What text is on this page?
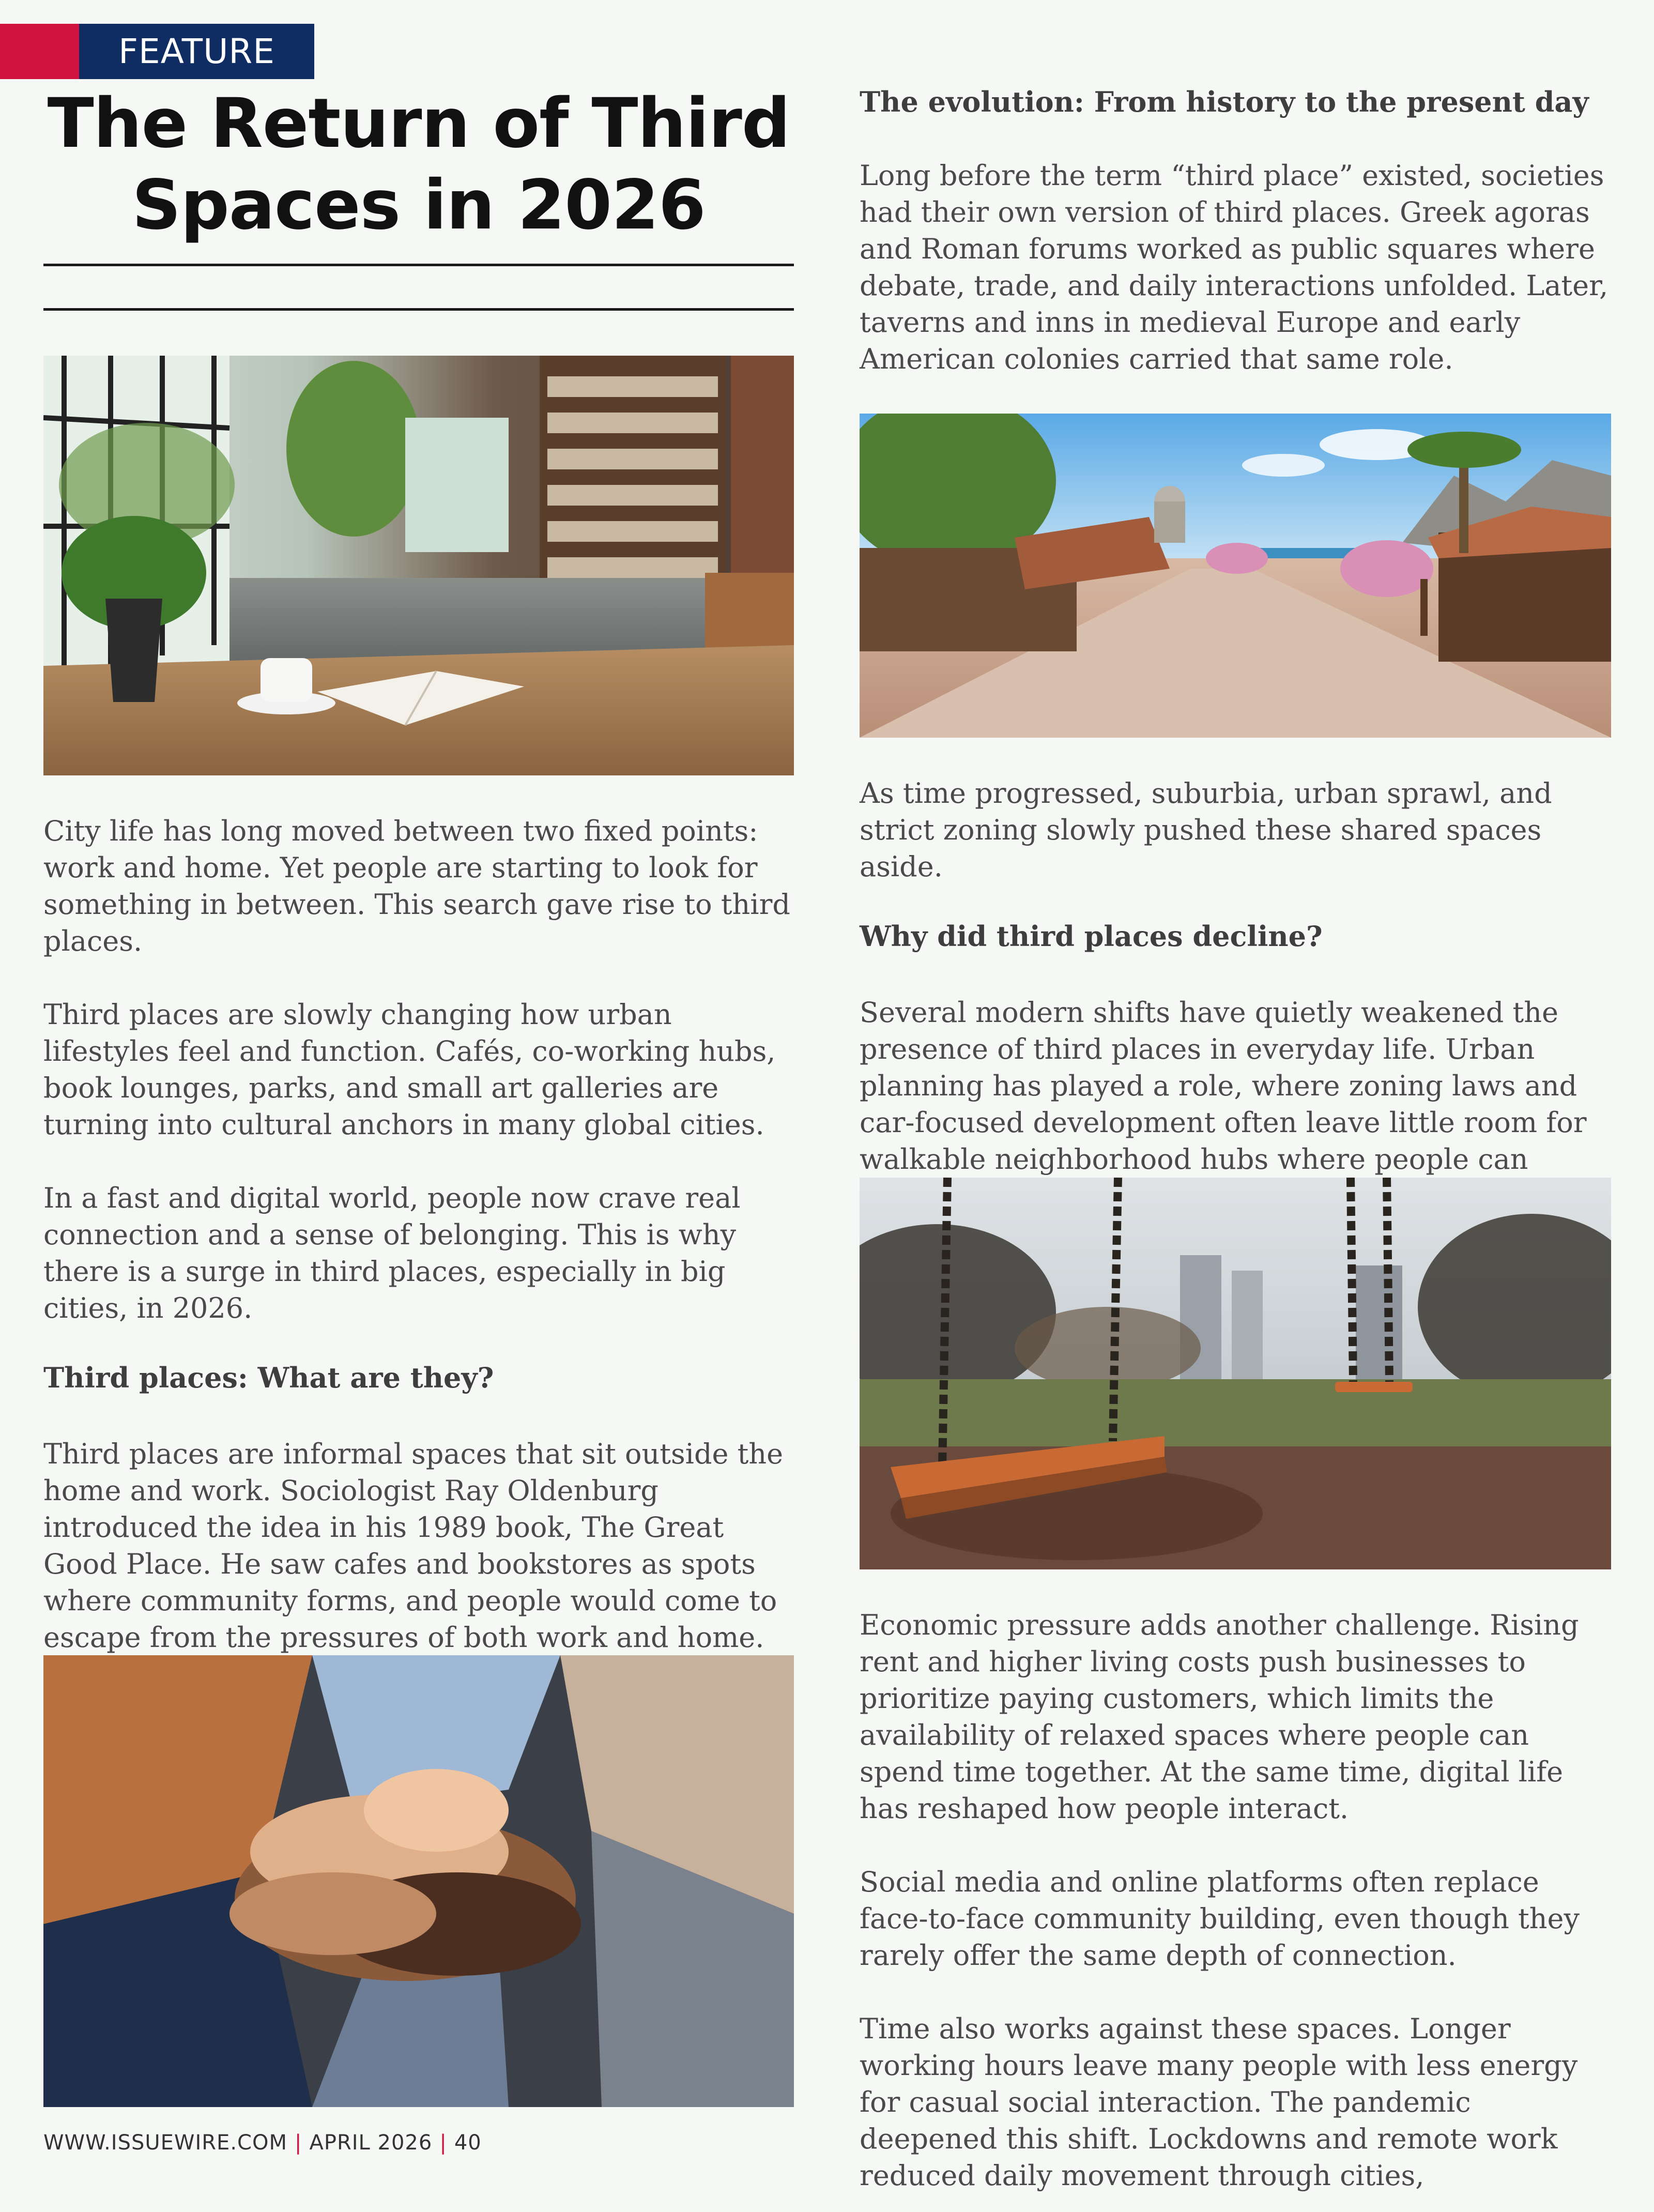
FEATURE
The Return of Third
Spaces in 2026

City life has long moved between two fixed points: work and home. Yet people are starting to look for something in between. This search gave rise to third places.

Third places are slowly changing how urban lifestyles feel and function. Cafés, co-working hubs, book lounges, parks, and small art galleries are turning into cultural anchors in many global cities.

In a fast and digital world, people now crave real connection and a sense of belonging. This is why there is a surge in third places, especially in big cities, in 2026.

Third places: What are they?

Third places are informal spaces that sit outside the home and work. Sociologist Ray Oldenburg introduced the idea in his 1989 book, The Great Good Place. He saw cafes and bookstores as spots where community forms, and people would come to escape from the pressures of both work and home.

The evolution: From history to the present day

Long before the term “third place” existed, societies had their own version of third places. Greek agoras and Roman forums worked as public squares where debate, trade, and daily interactions unfolded. Later, taverns and inns in medieval Europe and early American colonies carried that same role.

As time progressed, suburbia, urban sprawl, and strict zoning slowly pushed these shared spaces aside.

Why did third places decline?

Several modern shifts have quietly weakened the presence of third places in everyday life. Urban planning has played a role, where zoning laws and car-focused development often leave little room for walkable neighborhood hubs where people can

Economic pressure adds another challenge. Rising rent and higher living costs push businesses to prioritize paying customers, which limits the availability of relaxed spaces where people can spend time together. At the same time, digital life has reshaped how people interact.

Social media and online platforms often replace face-to-face community building, even though they rarely offer the same depth of connection.

Time also works against these spaces. Longer working hours leave many people with less energy for casual social interaction. The pandemic deepened this shift. Lockdowns and remote work reduced daily movement through cities,

WWW.ISSUEWIRE.COM | APRIL 2026 | 40
